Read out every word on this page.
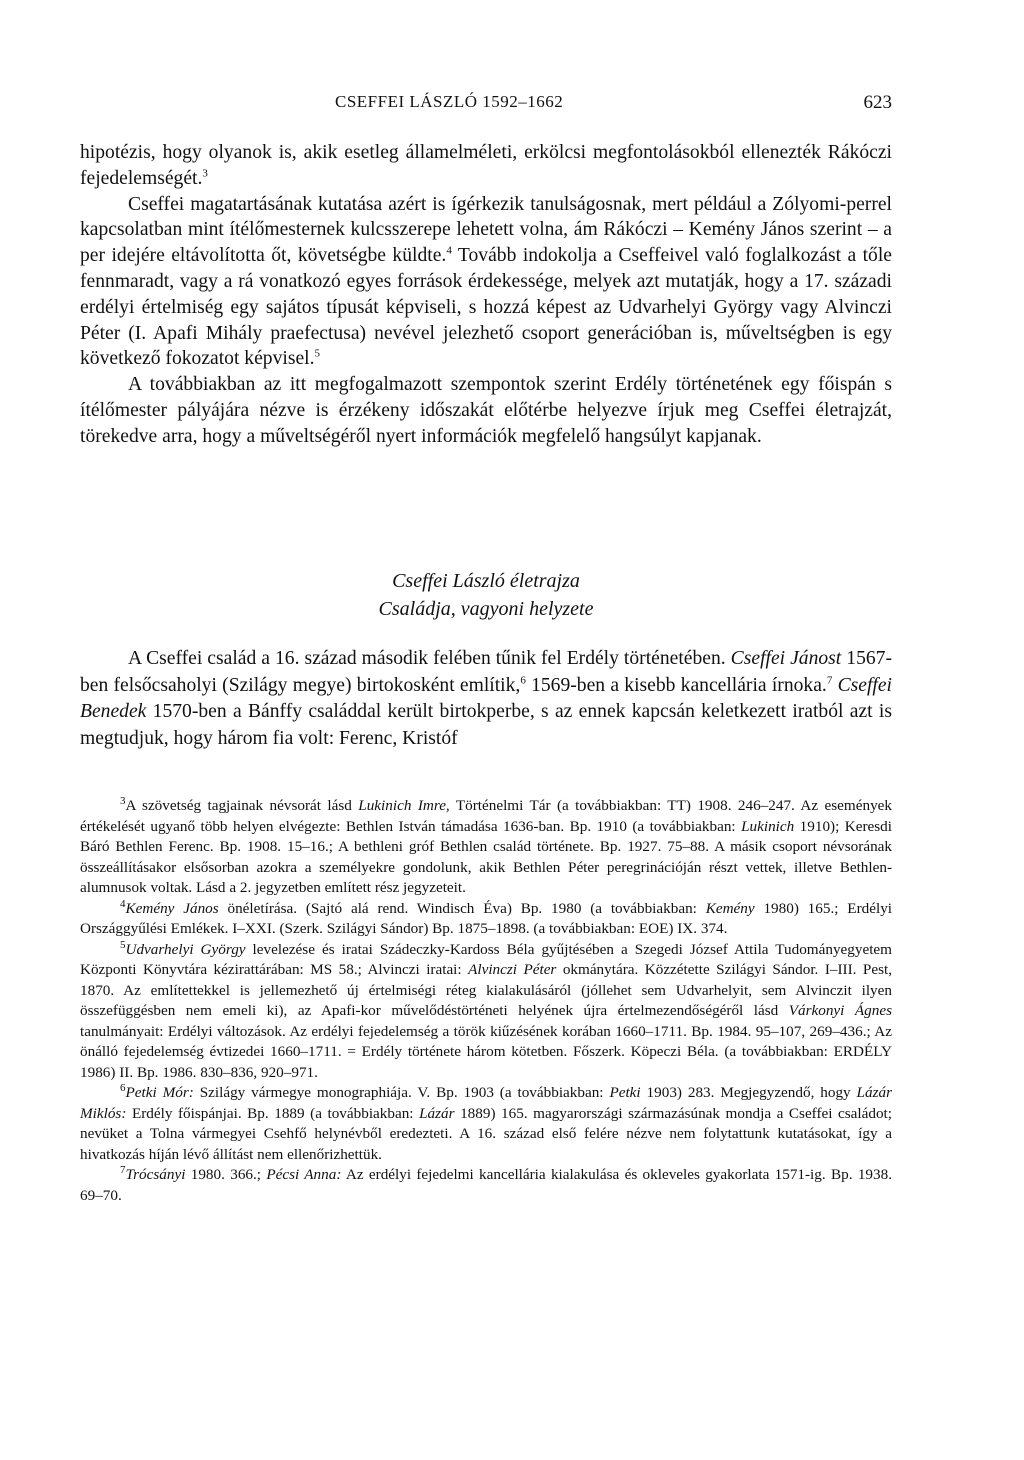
CSEFFEI LÁSZLÓ 1592–1662	623

hipotézis, hogy olyanok is, akik esetleg államelméleti, erkölcsi megfontolásokból ellenezték Rákóczi fejedelemségét.$^3$

Cseffei magatartásának kutatása azért is ígérkezik tanulságosnak, mert például a Zólyomi-perrel kapcsolatban mint ítélőmesternek kulcsszerepe lehetett volna, ám Rákóczi – Kemény János szerint – a per idejére eltávolította őt, követségbe küldte.$^4$ Tovább indokolja a Cseffeivel való foglalkozást a tőle fennmaradt, vagy a rá vonatkozó egyes források érdekessége, melyek azt mutatják, hogy a 17. századi erdélyi értelmiség egy sajátos típusát képviseli, s hozzá képest az Udvarhelyi György vagy Alvinczi Péter (I. Apafi Mihály praefectusa) nevével jelezhető csoport generációban is, műveltségben is egy következő fokozatot képvisel.$^5$

A továbbiakban az itt megfogalmazott szempontok szerint Erdély történetének egy főispán s ítélőmester pályájára nézve is érzékeny időszakát előtérbe helyezve írjuk meg Cseffei életrajzát, törekedve arra, hogy a műveltségéről nyert információk megfelelő hangsúlyt kapjanak.

Cseffei László életrajza
Családja, vagyoni helyzete

A Cseffei család a 16. század második felében tűnik fel Erdély történetében. Cseffei Jánost 1567-ben felsőcsaholyi (Szilágy megye) birtokosként említik,$^6$ 1569-ben a kisebb kancellária írnoka.$^7$ Cseffei Benedek 1570-ben a Bánffy családdal került birtokperbe, s az ennek kapcsán keletkezett iratból azt is megtudjuk, hogy három fia volt: Ferenc, Kristóf

$^3$A szövetség tagjainak névsorát lásd Lukinich Imre, Történelmi Tár (a továbbiakban: TT) 1908. 246–247. Az események értékelését ugyanő több helyen elvégezte: Bethlen István támadása 1636-ban. Bp. 1910 (a továbbiakban: Lukinich 1910); Keresdi Báró Bethlen Ferenc. Bp. 1908. 15–16.; A bethleni gróf Bethlen család története. Bp. 1927. 75–88. A másik csoport névsorának összeállításakor elsősorban azokra a személyekre gondolunk, akik Bethlen Péter peregrinációján részt vettek, illetve Bethlen-alumnusok voltak. Lásd a 2. jegyzetben említett rész jegyzeteit.

$^4$Kemény János önéletírása. (Sajtó alá rend. Windisch Éva) Bp. 1980 (a továbbiakban: Kemény 1980) 165.; Erdélyi Országgyűlési Emlékek. I–XXI. (Szerk. Szilágyi Sándor) Bp. 1875–1898. (a továbbiakban: EOE) IX. 374.

$^5$Udvarhelyi György levelezése és iratai Szádeczky-Kardoss Béla gyűjtésében a Szegedi József Attila Tudományegyetem Központi Könyvtára kézirattárában: MS 58.; Alvinczi iratai: Alvinczi Péter okmánytára. Közzétette Szilágyi Sándor. I–III. Pest, 1870. Az említettekkel is jellemezhető új értelmiségi réteg kialakulásáról (jóllehet sem Udvarhelyit, sem Alvinczit ilyen összefüggésben nem emeli ki), az Apafi-kor művelődéstörténeti helyének újra értelmezendőségéről lásd Várkonyi Ágnes tanulmányait: Erdélyi változások. Az erdélyi fejedelemség a török kiűzésének korában 1660–1711. Bp. 1984. 95–107, 269–436.; Az önálló fejedelemség évtizedei 1660–1711. = Erdély története három kötetben. Főszerk. Köpeczi Béla. (a továbbiakban: ERDÉLY 1986) II. Bp. 1986. 830–836, 920–971.

$^6$Petki Mór: Szilágy vármegye monographiája. V. Bp. 1903 (a továbbiakban: Petki 1903) 283. Megjegyzendő, hogy Lázár Miklós: Erdély főispánjai. Bp. 1889 (a továbbiakban: Lázár 1889) 165. magyarországi származásúnak mondja a Cseffei családot; nevüket a Tolna vármegyei Csehfő helynévből eredezteti. A 16. század első felére nézve nem folytattunk kutatásokat, így a hivatkozás híján lévő állítást nem ellenőrizhettük.

$^7$Trócsányi 1980. 366.; Pécsi Anna: Az erdélyi fejedelmi kancellária kialakulása és okleveles gyakorlata 1571-ig. Bp. 1938. 69–70.
